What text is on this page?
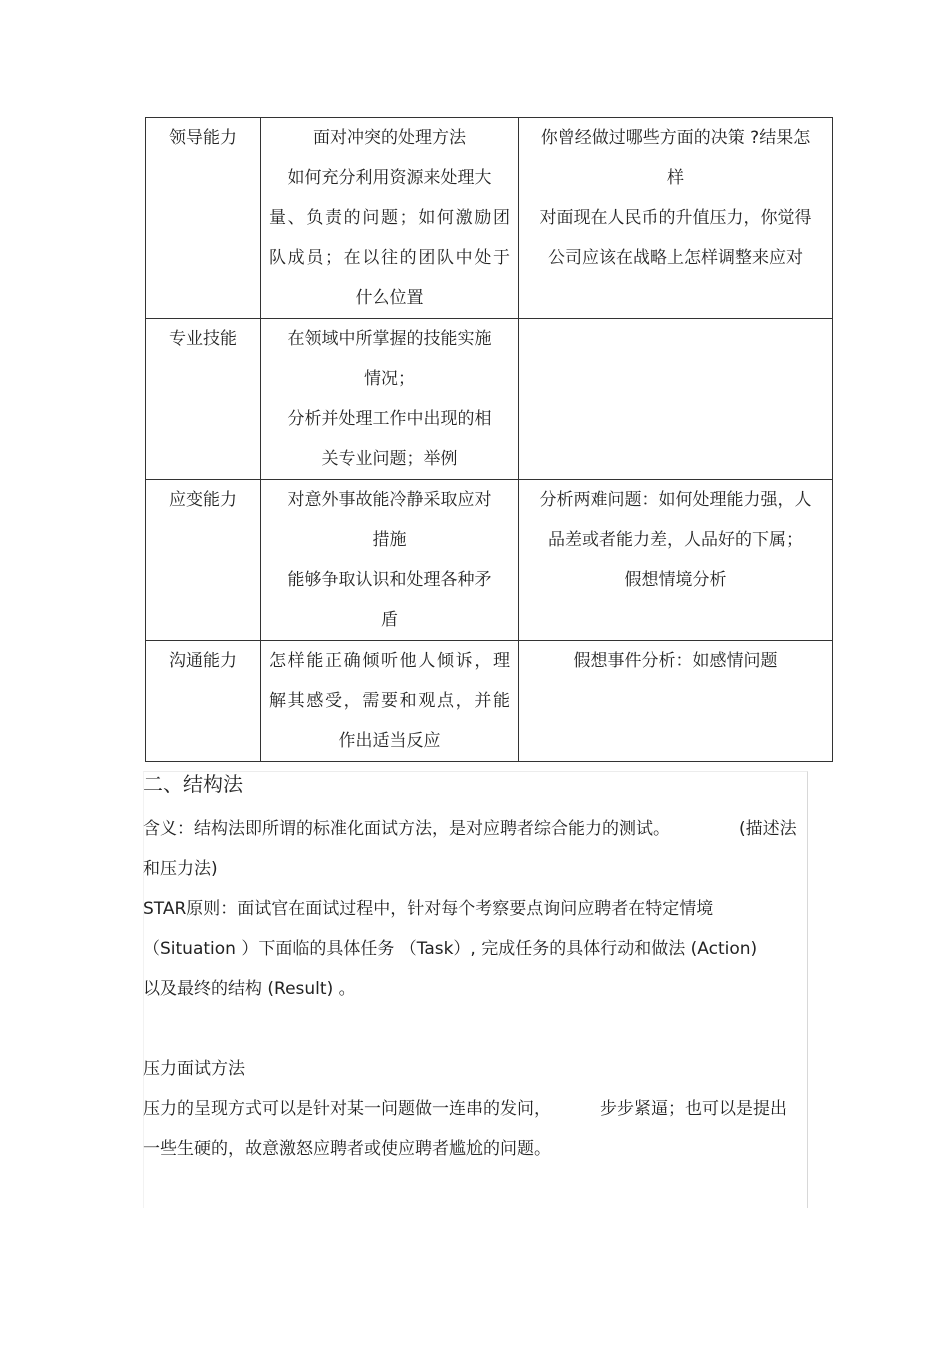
领导能力	面对冲突的处理方法
如何充分利用资源来处理大
量、负责的问题；如何激励团
队成员；在以往的团队中处于
什么位置	你曾经做过哪些方面的决策 ?结果怎
样
对面现在人民币的升值压力，你觉得
公司应该在战略上怎样调整来应对

专业技能	在领域中所掌握的技能实施
情况；
分析并处理工作中出现的相
关专业问题；举例	

应变能力	对意外事故能冷静采取应对
措施
能够争取认识和处理各种矛
盾	分析两难问题：如何处理能力强，人
品差或者能力差，人品好的下属；
假想情境分析

沟通能力	怎样能正确倾听他人倾诉，理
解其感受，需要和观点，并能
作出适当反应	假想事件分析：如感情问题
二、结构法
含义：结构法即所谓的标准化面试方法，是对应聘者综合能力的测试。	(描述法
和压力法)
STAR原则：面试官在面试过程中，针对每个考察要点询问应聘者在特定情境
（Situation ）下面临的具体任务 （Task）, 完成任务的具体行动和做法 (Action)
以及最终的结构 (Result) 。
压力面试方法
压力的呈现方式可以是针对某一问题做一连串的发问，	步步紧逼；也可以是提出
一些生硬的，故意激怒应聘者或使应聘者尴尬的问题。
